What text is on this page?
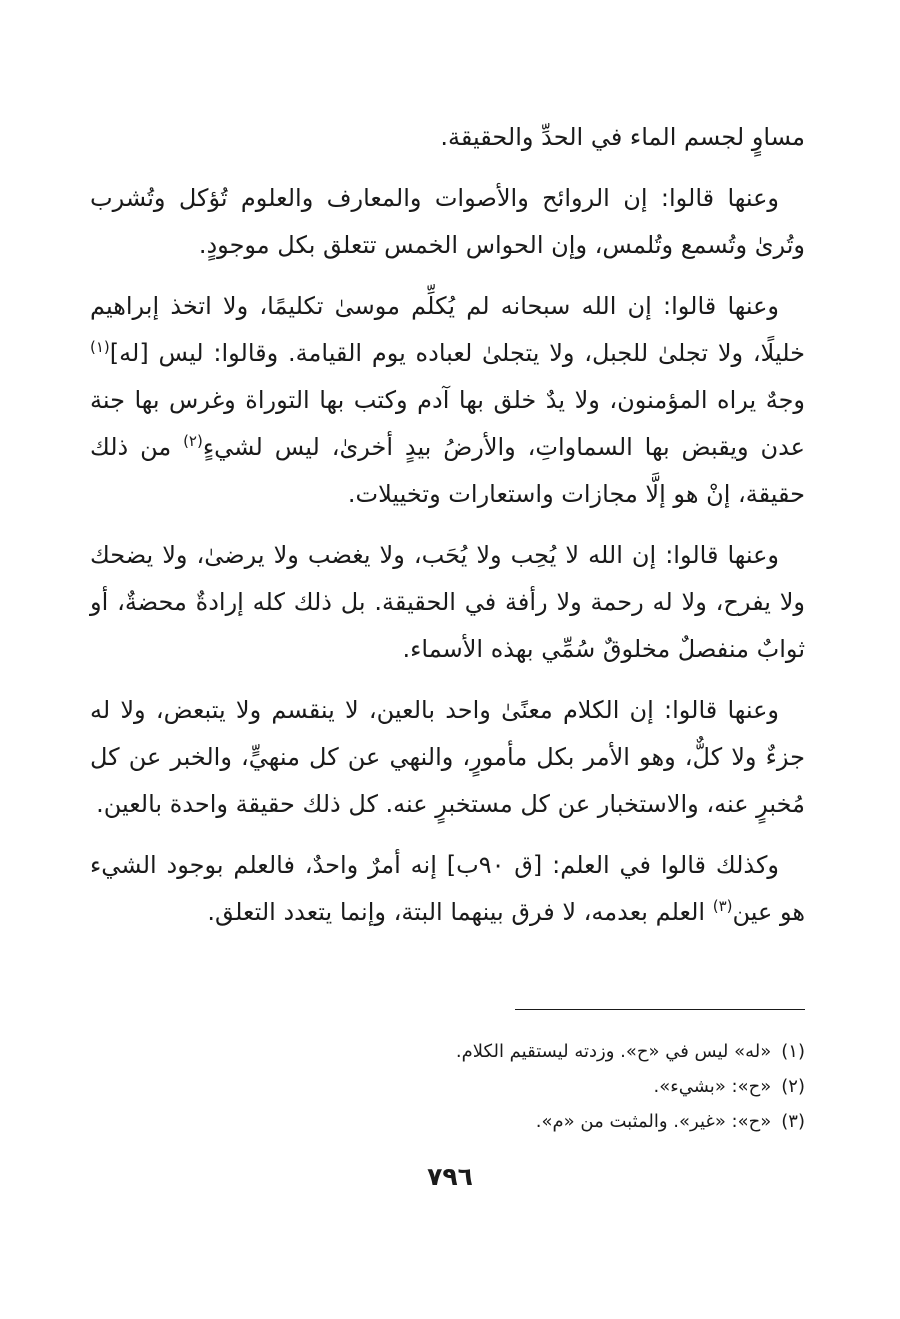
مساوٍ لجسم الماء في الحدِّ والحقيقة.

وعنها قالوا: إن الروائح والأصوات والمعارف والعلوم تُؤكل وتُشرب وتُرىٰ وتُسمع وتُلمس، وإن الحواس الخمس تتعلق بكل موجودٍ.

وعنها قالوا: إن الله سبحانه لم يُكلِّم موسىٰ تكليمًا، ولا اتخذ إبراهيم خليلًا، ولا تجلىٰ للجبل، ولا يتجلىٰ لعباده يوم القيامة. وقالوا: ليس [له]$^{(١)}$ وجهٌ يراه المؤمنون، ولا يدٌ خلق بها آدم وكتب بها التوراة وغرس بها جنة عدن ويقبض بها السماواتِ، والأرضُ بيدٍ أخرىٰ، ليس لشيءٍ$^{(٢)}$ من ذلك حقيقة، إنْ هو إلَّا مجازات واستعارات وتخييلات.

وعنها قالوا: إن الله لا يُحِب ولا يُحَب، ولا يغضب ولا يرضىٰ، ولا يضحك ولا يفرح، ولا له رحمة ولا رأفة في الحقيقة. بل ذلك كله إرادةٌ محضةٌ، أو ثوابٌ منفصلٌ مخلوقٌ سُمِّي بهذه الأسماء.

وعنها قالوا: إن الكلام معنًىٰ واحد بالعين، لا ينقسم ولا يتبعض، ولا له جزءٌ ولا كلٌّ، وهو الأمر بكل مأمورٍ، والنهي عن كل منهيٍّ، والخبر عن كل مُخبرٍ عنه، والاستخبار عن كل مستخبرٍ عنه. كل ذلك حقيقة واحدة بالعين.

وكذلك قالوا في العلم: [ق ٩٠ب] إنه أمرٌ واحدٌ، فالعلم بوجود الشيء هو عين$^{(٣)}$ العلم بعدمه، لا فرق بينهما البتة، وإنما يتعدد التعلق.

(١)«له» ليس في «ح». وزدته ليستقيم الكلام.
(٢)«ح»: «بشيء».
(٣)«ح»: «غير». والمثبت من «م».
٧٩٦
